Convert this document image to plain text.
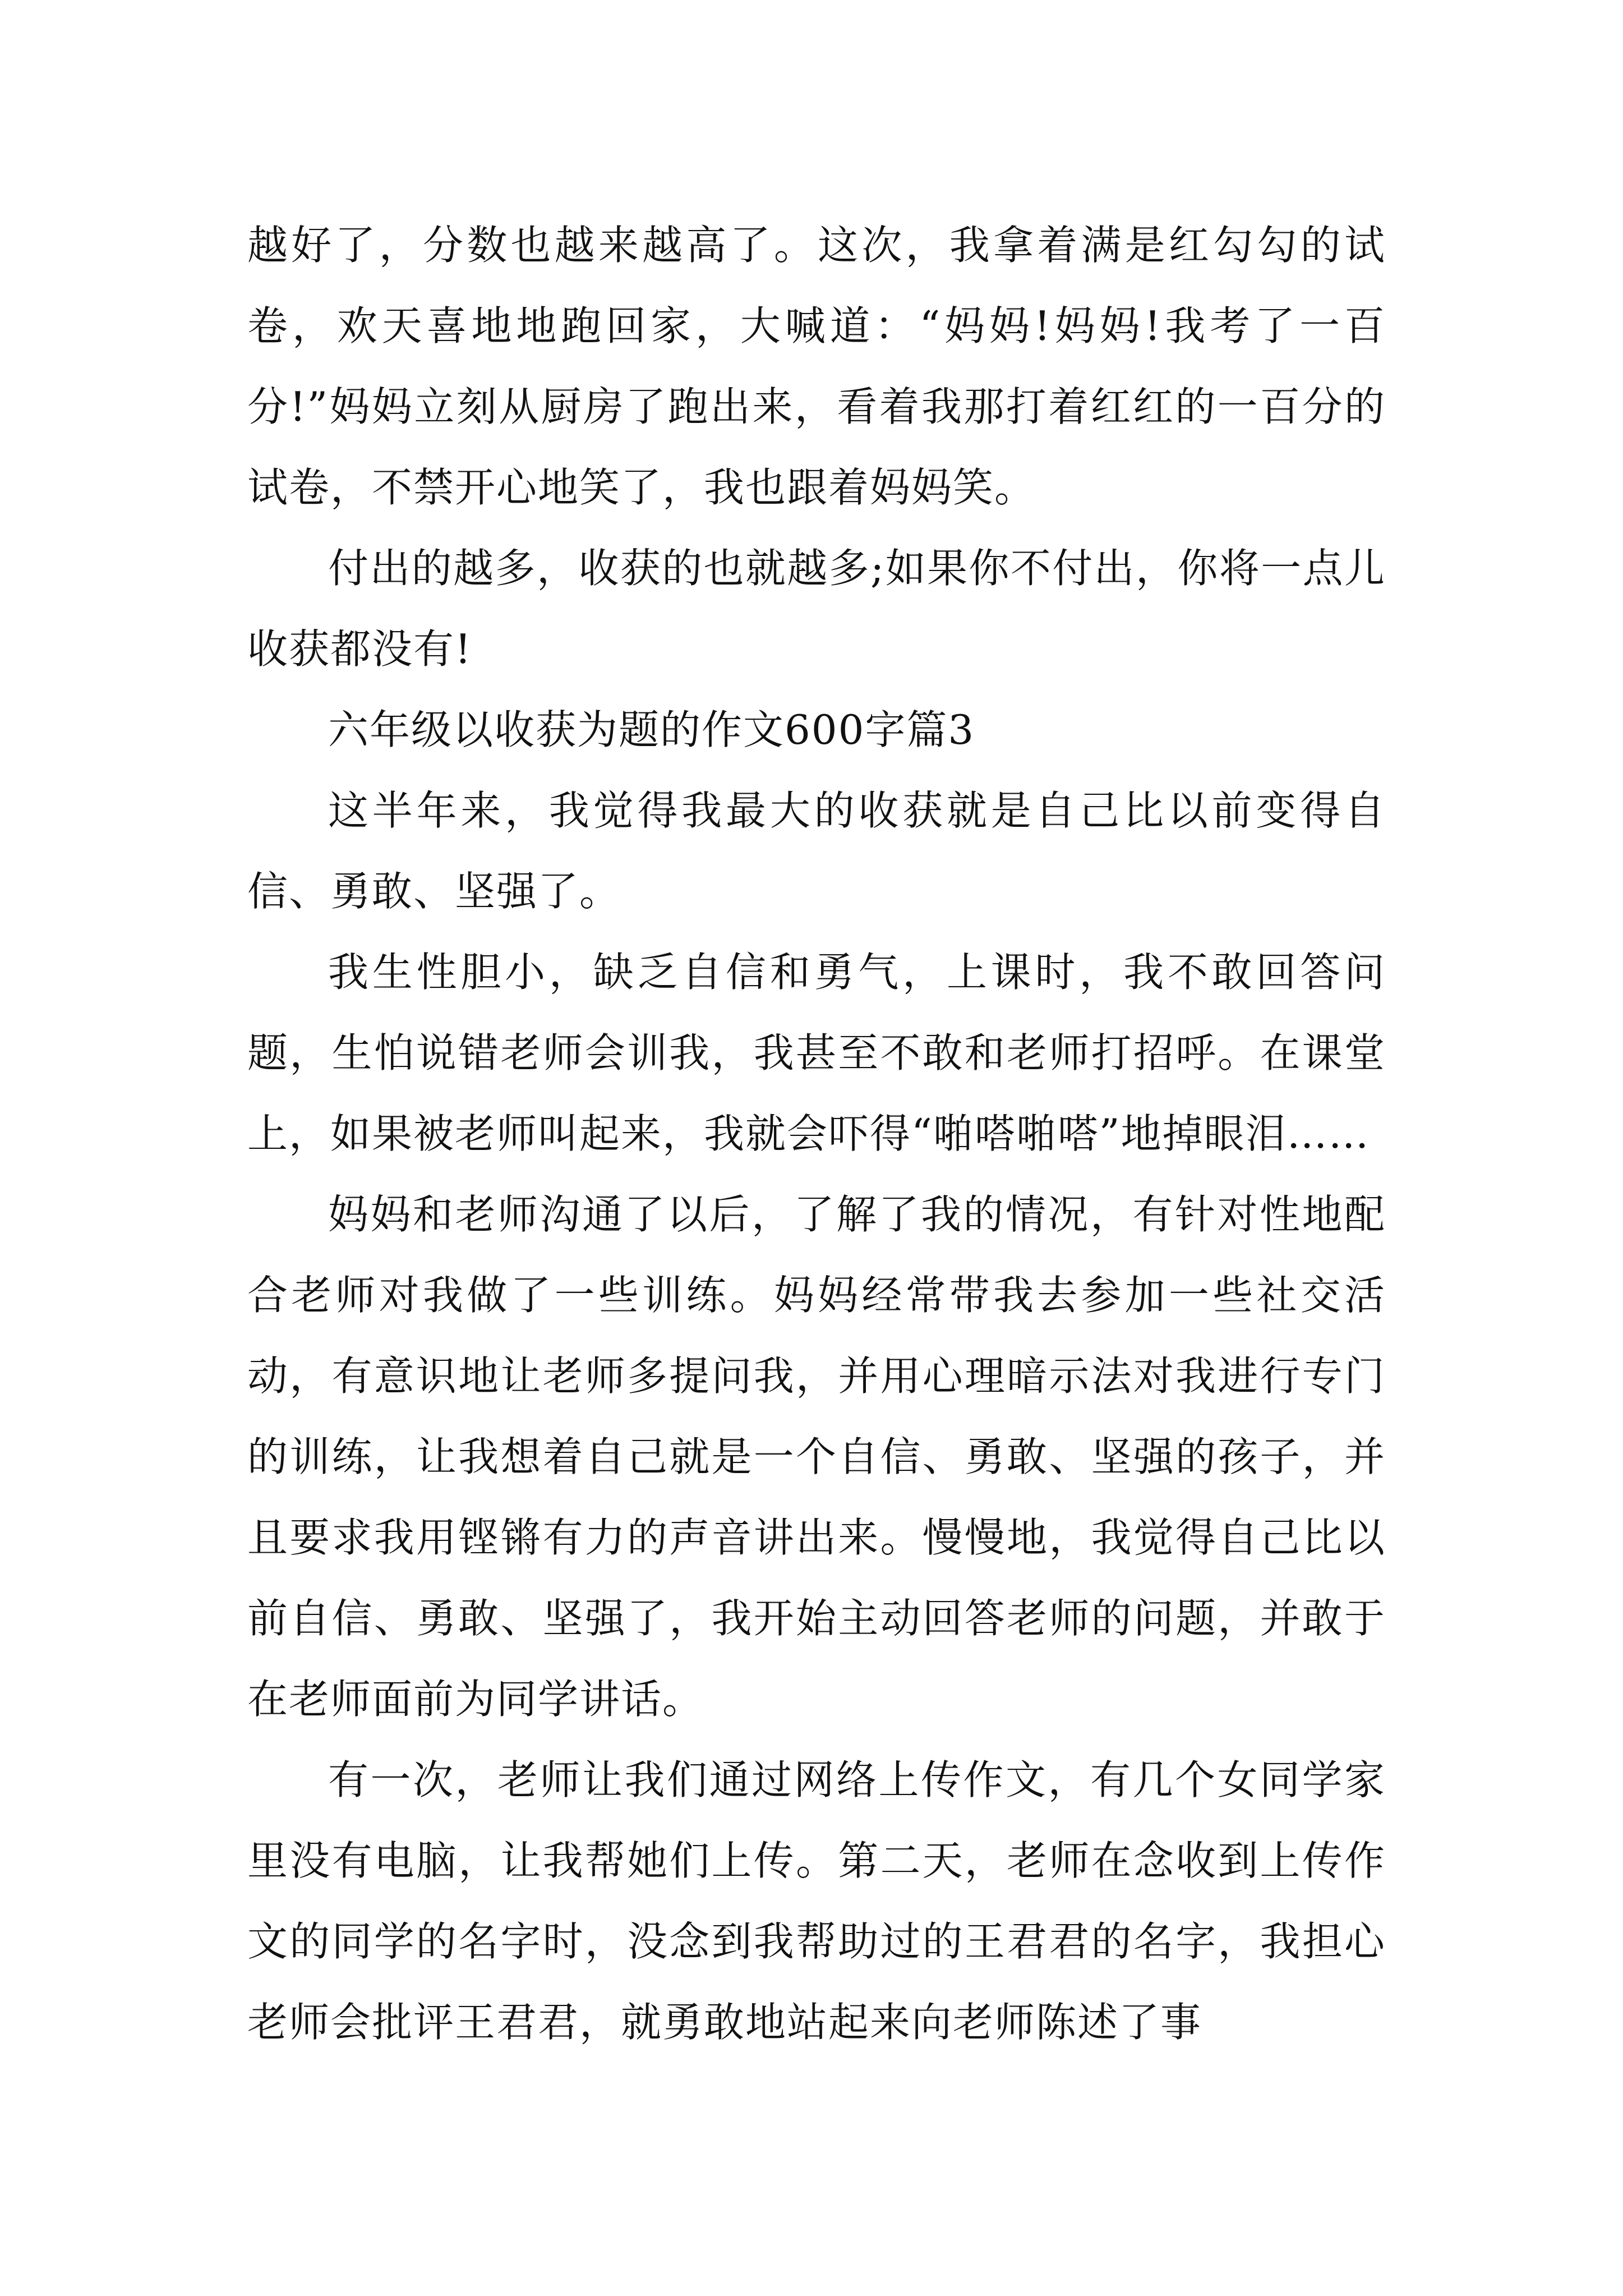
越好了，分数也越来越高了。这次，我拿着满是红勾勾的试卷，欢天喜地地跑回家，大喊道：“妈妈!妈妈!我考了一百分!”妈妈立刻从厨房了跑出来，看着我那打着红红的一百分的试卷，不禁开心地笑了，我也跟着妈妈笑。

付出的越多，收获的也就越多;如果你不付出，你将一点儿收获都没有!

六年级以收获为题的作文600字篇3

这半年来，我觉得我最大的收获就是自己比以前变得自信、勇敢、坚强了。

我生性胆小，缺乏自信和勇气，上课时，我不敢回答问题，生怕说错老师会训我，我甚至不敢和老师打招呼。在课堂上，如果被老师叫起来，我就会吓得“啪嗒啪嗒”地掉眼泪……

妈妈和老师沟通了以后，了解了我的情况，有针对性地配合老师对我做了一些训练。妈妈经常带我去参加一些社交活动，有意识地让老师多提问我，并用心理暗示法对我进行专门的训练，让我想着自己就是一个自信、勇敢、坚强的孩子，并且要求我用铿锵有力的声音讲出来。慢慢地，我觉得自己比以前自信、勇敢、坚强了，我开始主动回答老师的问题，并敢于在老师面前为同学讲话。

有一次，老师让我们通过网络上传作文，有几个女同学家里没有电脑，让我帮她们上传。第二天，老师在念收到上传作文的同学的名字时，没念到我帮助过的王君君的名字，我担心老师会批评王君君，就勇敢地站起来向老师陈述了事
